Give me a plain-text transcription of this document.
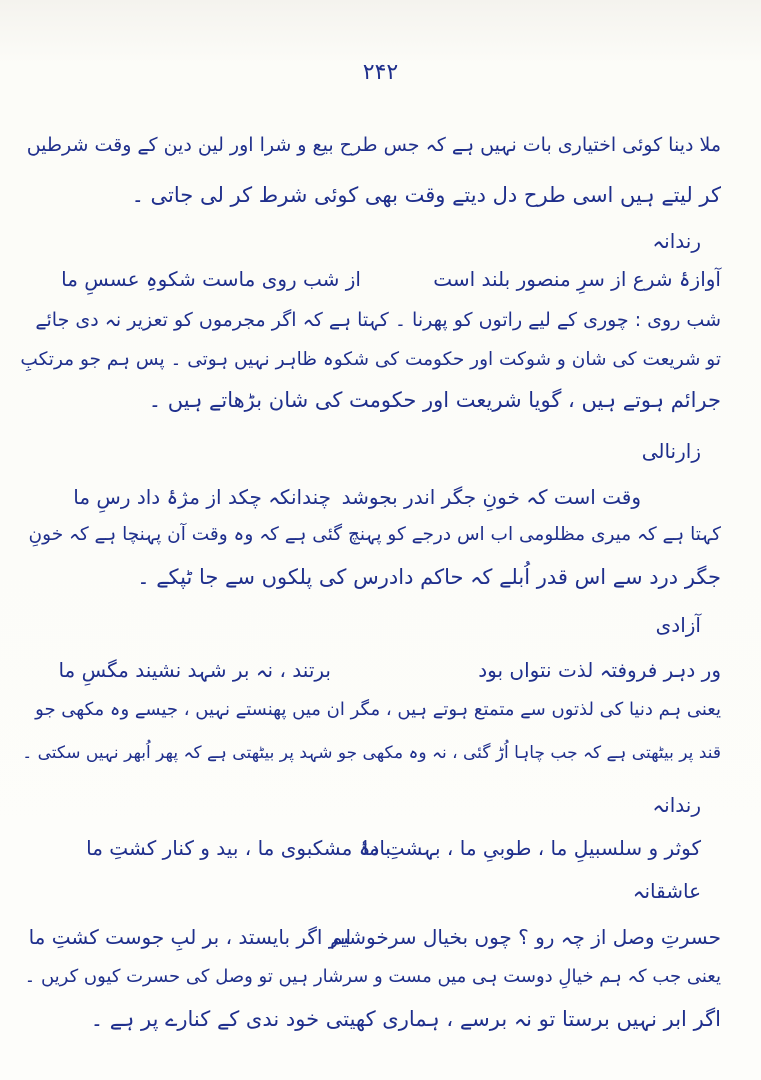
۲۴۲
ملا دینا کوئی اختیاری بات نہیں ہے کہ جس طرح بیع و شرا اور لین دین کے وقت شرطیں
کر لیتے ہیں اسی طرح دل دیتے وقت بھی کوئی شرط کر لی جاتی ۔
رندانہ
آوازۂ شرع از سرِ منصور بلند است
از شب روی ماست شکوہِ عسسِ ما
شب روی : چوری کے لیے راتوں کو پھرنا ۔ کہتا ہے کہ اگر مجرموں کو تعزیر نہ دی جائے
تو شریعت کی شان و شوکت اور حکومت کی شکوہ ظاہر نہیں ہوتی ۔ پس ہم جو مرتکبِ
جرائم ہوتے ہیں ، گویا شریعت اور حکومت کی شان بڑھاتے ہیں ۔
زارنالی
وقت است کہ خونِ جگر اندر بجوشد
چندانکہ چکد از مژۂ داد رسِ ما
کہتا ہے کہ میری مظلومی اب اس درجے کو پہنچ گئی ہے کہ وہ وقت آن پہنچا ہے کہ خونِ
جگر درد سے اس قدر اُبلے کہ حاکم دادرس کی پلکوں سے جا ٹپکے ۔
آزادی
ور دہر فروفتہ لذت نتواں بود
برتند ، نہ بر شہد نشیند مگسِ ما
یعنی ہم دنیا کی لذتوں سے متمتع ہوتے ہیں ، مگر ان میں پھنستے نہیں ، جیسے وہ مکھی جو
قند پر بیٹھتی ہے کہ جب چاہا اُڑ گئی ، نہ وہ مکھی جو شہد پر بیٹھتی ہے کہ پھر اُبھر نہیں سکتی ۔
رندانہ
بادۂ مشکبوی ما ، بید و کنار کشتِ ما
کوثر و سلسبیلِ ما ، طوبیِ ما ، بہشتِ ما
عاشقانہ
حسرتِ وصل از چہ رو ؟ چوں بخیال سرخوشیم
ابر اگر بایستد ، بر لبِ جوست کشتِ ما
یعنی جب کہ ہم خیالِ دوست ہی میں مست و سرشار ہیں تو وصل کی حسرت کیوں کریں ۔
اگر ابر نہیں برستا تو نہ برسے ، ہماری کھیتی خود ندی کے کنارے پر ہے ۔
